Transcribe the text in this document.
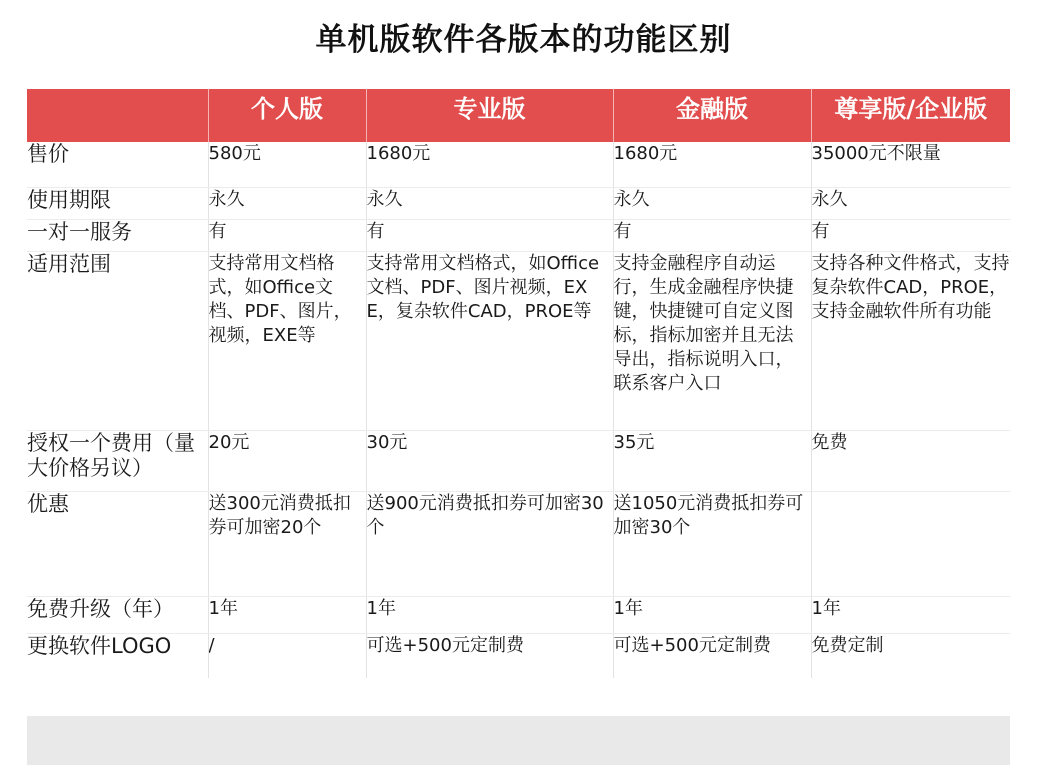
单机版软件各版本的功能区别
	个人版	专业版	金融版	尊享版/企业版
售价	580元	1680元	1680元	35000元不限量
使用期限	永久	永久	永久	永久
一对一服务	有	有	有	有
适用范围	支持常用文档格式，如Office文档、PDF、图片，视频，EXE等	支持常用文档格式，如Office文档、PDF、图片视频，EXE，复杂软件CAD，PROE等	支持金融程序自动运行，生成金融程序快捷键，快捷键可自定义图标，指标加密并且无法导出，指标说明入口，联系客户入口	支持各种文件格式，支持复杂软件CAD，PROE，支持金融软件所有功能
授权一个费用（量大价格另议）	20元	30元	35元	免费
优惠	送300元消费抵扣券可加密20个	送900元消费抵扣券可加密30个	送1050元消费抵扣券可加密30个	
免费升级（年）	1年	1年	1年	1年
更换软件LOGO	/	可选+500元定制费	可选+500元定制费	免费定制
